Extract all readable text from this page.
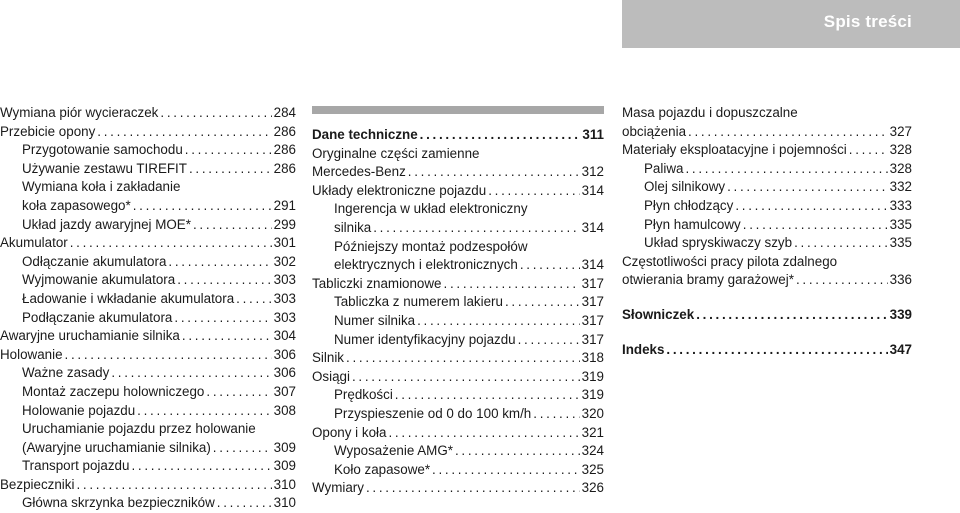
Spis treści
Wymiana piór wycieraczek . . .	284
Przebicie opony . . .	286
Przygotowanie samochodu . . .	286
Używanie zestawu TIREFIT . . .	286
Wymiana koła i zakładanie
koła zapasowego* . . .	291
Układ jazdy awaryjnej MOE* . . .	299
Akumulator . . .	301
Odłączanie akumulatora . . .	302
Wyjmowanie akumulatora . . .	303
Ładowanie i wkładanie akumulatora . . .	303
Podłączanie akumulatora . . .	303
Awaryjne uruchamianie silnika . . .	304
Holowanie . . .	306
Ważne zasady . . .	306
Montaż zaczepu holowniczego . . .	307
Holowanie pojazdu . . .	308
Uruchamianie pojazdu przez holowanie
(Awaryjne uruchamianie silnika) . . .	309
Transport pojazdu . . .	309
Bezpieczniki . . .	310
Główna skrzynka bezpieczników . . .	310
Dane techniczne . . .	311
Oryginalne części zamienne
Mercedes-Benz . . .	312
Układy elektroniczne pojazdu . . .	314
Ingerencja w układ elektroniczny
silnika . . .	314
Późniejszy montaż podzespołów
elektrycznych i elektronicznych . . .	314
Tabliczki znamionowe . . .	317
Tabliczka z numerem lakieru . . .	317
Numer silnika . . .	317
Numer identyfikacyjny pojazdu . . .	317
Silnik . . .	318
Osiągi . . .	319
Prędkości . . .	319
Przyspieszenie od 0 do 100 km/h . . .	320
Opony i koła . . .	321
Wyposażenie AMG* . . .	324
Koło zapasowe* . . .	325
Wymiary . . .	326
Masa pojazdu i dopuszczalne
obciążenia . . .	327
Materiały eksploatacyjne i pojemności . . .	328
Paliwa . . .	328
Olej silnikowy . . .	332
Płyn chłodzący . . .	333
Płyn hamulcowy . . .	335
Układ spryskiwaczy szyb . . .	335
Częstotliwości pracy pilota zdalnego
otwierania bramy garażowej* . . .	336
Słowniczek . . .	339
Indeks . . .	347
